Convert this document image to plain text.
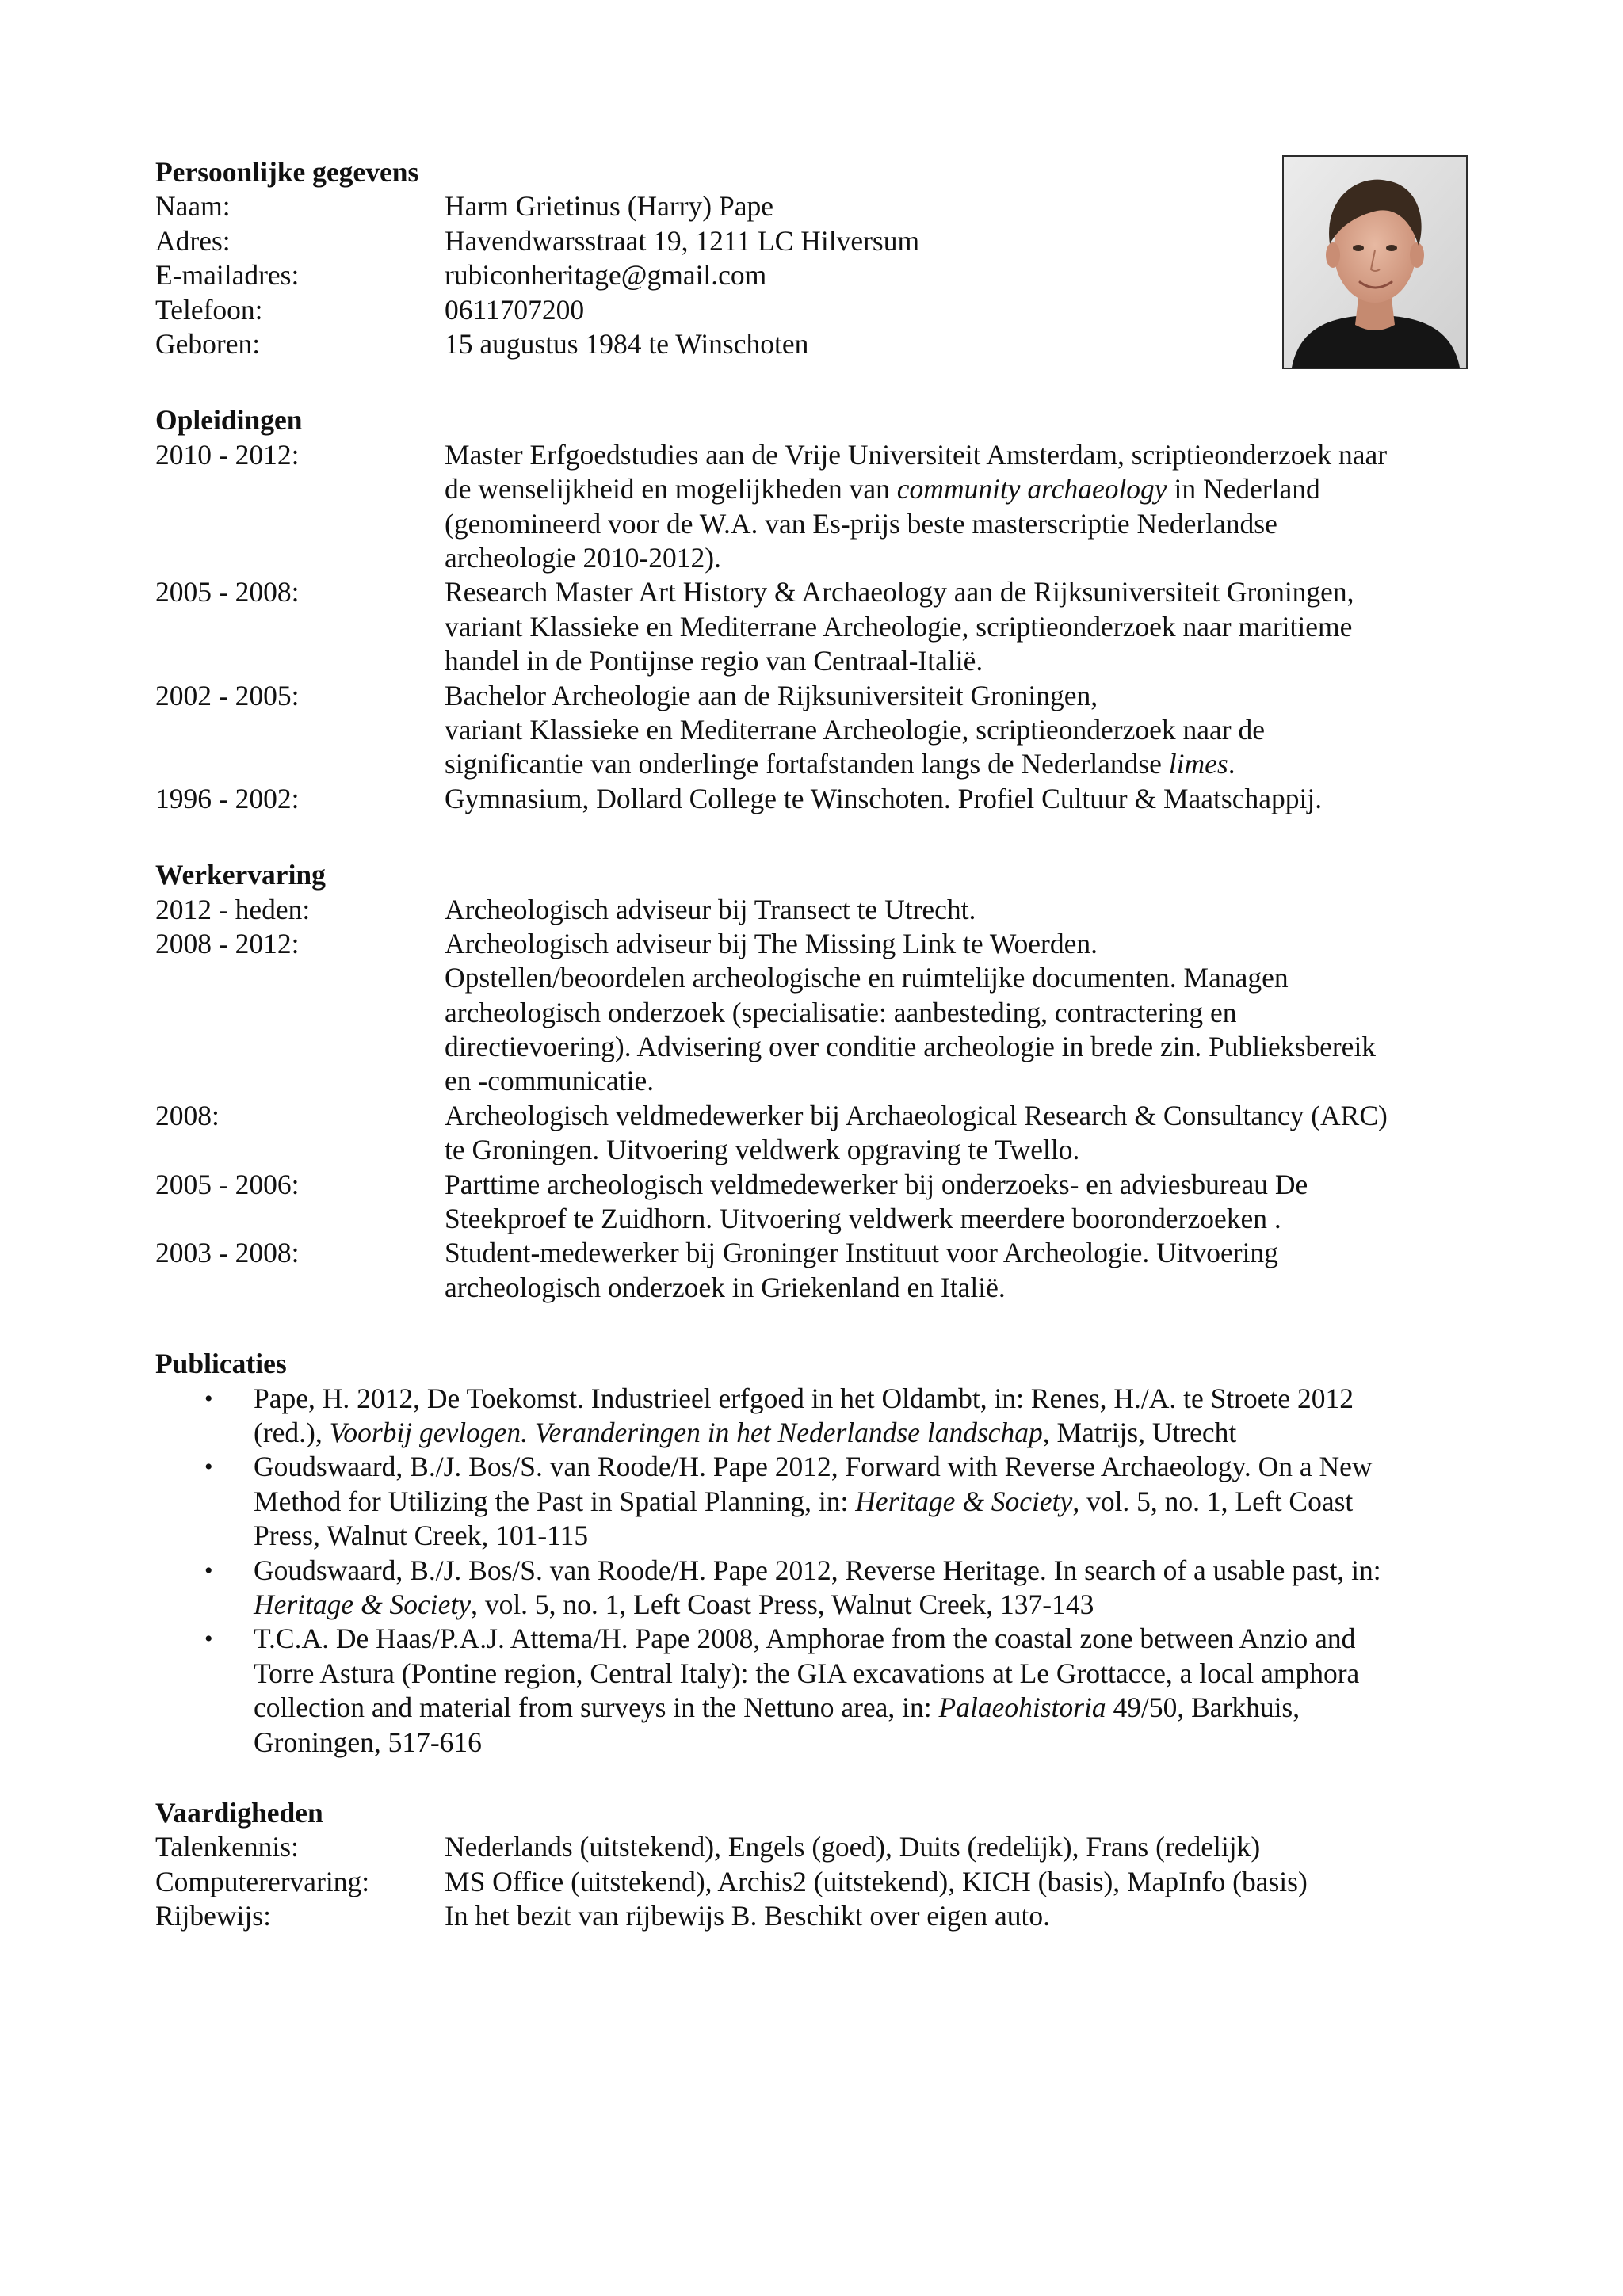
Persoonlijke gegevens
Naam:	Harm Grietinus (Harry) Pape
Adres:	Havendwarsstraat 19, 1211 LC Hilversum
E-mailadres:	rubiconheritage@gmail.com
Telefoon:	0611707200
Geboren:	15 augustus 1984 te Winschoten
Opleidingen
2010 - 2012:	Master Erfgoedstudies aan de Vrije Universiteit Amsterdam, scriptieonderzoek naar
de wenselijkheid en mogelijkheden van community archaeology in Nederland
(genomineerd voor de W.A. van Es-prijs beste masterscriptie Nederlandse
archeologie 2010-2012).
2005 - 2008:	Research Master Art History & Archaeology aan de Rijksuniversiteit Groningen,
variant Klassieke en Mediterrane Archeologie, scriptieonderzoek naar maritieme
handel in de Pontijnse regio van Centraal-Italië.
2002 - 2005:	Bachelor Archeologie aan de Rijksuniversiteit Groningen,
variant Klassieke en Mediterrane Archeologie, scriptieonderzoek naar de
significantie van onderlinge fortafstanden langs de Nederlandse limes.
1996 - 2002:	Gymnasium, Dollard College te Winschoten. Profiel Cultuur & Maatschappij.
Werkervaring
2012 - heden:	Archeologisch adviseur bij Transect te Utrecht.
2008 - 2012:	Archeologisch adviseur bij The Missing Link te Woerden.
Opstellen/beoordelen archeologische en ruimtelijke documenten. Managen
archeologisch onderzoek (specialisatie: aanbesteding, contractering en
directievoering). Advisering over conditie archeologie in brede zin. Publieksbereik
en -communicatie.
2008:	Archeologisch veldmedewerker bij Archaeological Research & Consultancy (ARC)
te Groningen. Uitvoering veldwerk opgraving te Twello.
2005 - 2006:	Parttime archeologisch veldmedewerker bij onderzoeks- en adviesbureau De
Steekproef te Zuidhorn. Uitvoering veldwerk meerdere booronderzoeken .
2003 - 2008:	Student-medewerker bij Groninger Instituut voor Archeologie. Uitvoering
archeologisch onderzoek in Griekenland en Italië.
Publicaties
• Pape, H. 2012, De Toekomst. Industrieel erfgoed in het Oldambt, in: Renes, H./A. te Stroete 2012
(red.), Voorbij gevlogen. Veranderingen in het Nederlandse landschap, Matrijs, Utrecht
• Goudswaard, B./J. Bos/S. van Roode/H. Pape 2012, Forward with Reverse Archaeology. On a New
Method for Utilizing the Past in Spatial Planning, in: Heritage & Society, vol. 5, no. 1, Left Coast
Press, Walnut Creek, 101-115
• Goudswaard, B./J. Bos/S. van Roode/H. Pape 2012, Reverse Heritage. In search of a usable past, in:
Heritage & Society, vol. 5, no. 1, Left Coast Press, Walnut Creek, 137-143
• T.C.A. De Haas/P.A.J. Attema/H. Pape 2008, Amphorae from the coastal zone between Anzio and
Torre Astura (Pontine region, Central Italy): the GIA excavations at Le Grottacce, a local amphora
collection and material from surveys in the Nettuno area, in: Palaeohistoria 49/50, Barkhuis,
Groningen, 517-616
Vaardigheden
Talenkennis:	Nederlands (uitstekend), Engels (goed), Duits (redelijk), Frans (redelijk)
Computerervaring:	MS Office (uitstekend), Archis2 (uitstekend), KICH (basis), MapInfo (basis)
Rijbewijs:	In het bezit van rijbewijs B. Beschikt over eigen auto.
